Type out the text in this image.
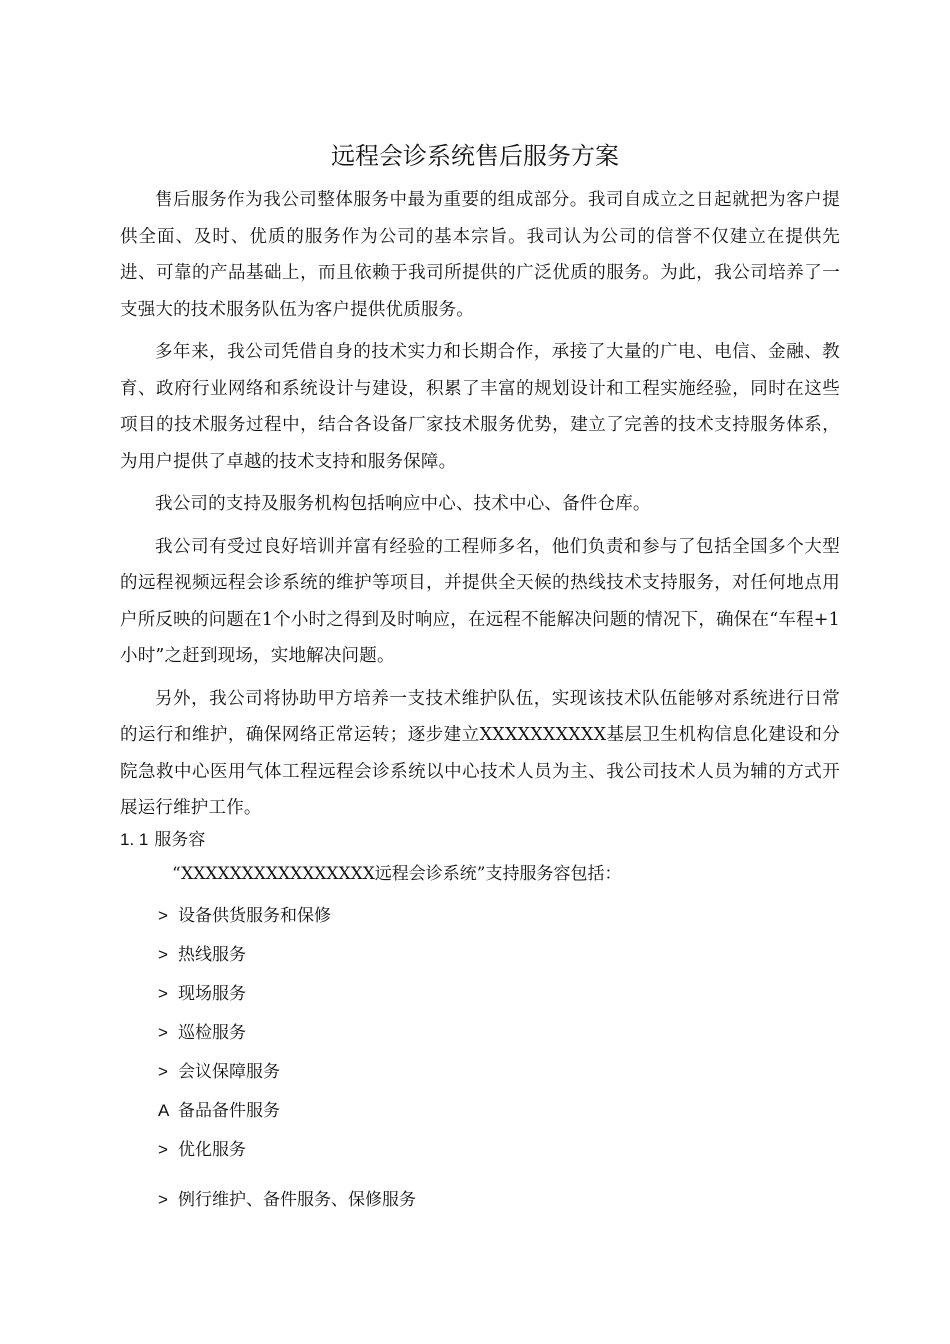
远程会诊系统售后服务方案

售后服务作为我公司整体服务中最为重要的组成部分。我司自成立之日起就把为客户提供全面、及时、优质的服务作为公司的基本宗旨。我司认为公司的信誉不仅建立在提供先进、可靠的产品基础上，而且依赖于我司所提供的广泛优质的服务。为此，我公司培养了一支强大的技术服务队伍为客户提供优质服务。

多年来，我公司凭借自身的技术实力和长期合作，承接了大量的广电、电信、金融、教育、政府行业网络和系统设计与建设，积累了丰富的规划设计和工程实施经验，同时在这些项目的技术服务过程中，结合各设备厂家技术服务优势，建立了完善的技术支持服务体系，为用户提供了卓越的技术支持和服务保障。

我公司的支持及服务机构包括响应中心、技术中心、备件仓库。

我公司有受过良好培训并富有经验的工程师多名，他们负责和参与了包括全国多个大型的远程视频远程会诊系统的维护等项目，并提供全天候的热线技术支持服务，对任何地点用户所反映的问题在1个小时之得到及时响应，在远程不能解决问题的情况下，确保在“车程+1小时”之赶到现场，实地解决问题。

另外，我公司将协助甲方培养一支技术维护队伍，实现该技术队伍能够对系统进行日常的运行和维护，确保网络正常运转；逐步建立XXXXXXXXXX基层卫生机构信息化建设和分院急救中心医用气体工程远程会诊系统以中心技术人员为主、我公司技术人员为辅的方式开展运行维护工作。

1. 1 服务容

“XXXXXXXXXXXXXXXX远程会诊系统”支持服务容包括：

> 设备供货服务和保修
> 热线服务
> 现场服务
> 巡检服务
> 会议保障服务
A 备品备件服务
> 优化服务
> 例行维护、备件服务、保修服务
